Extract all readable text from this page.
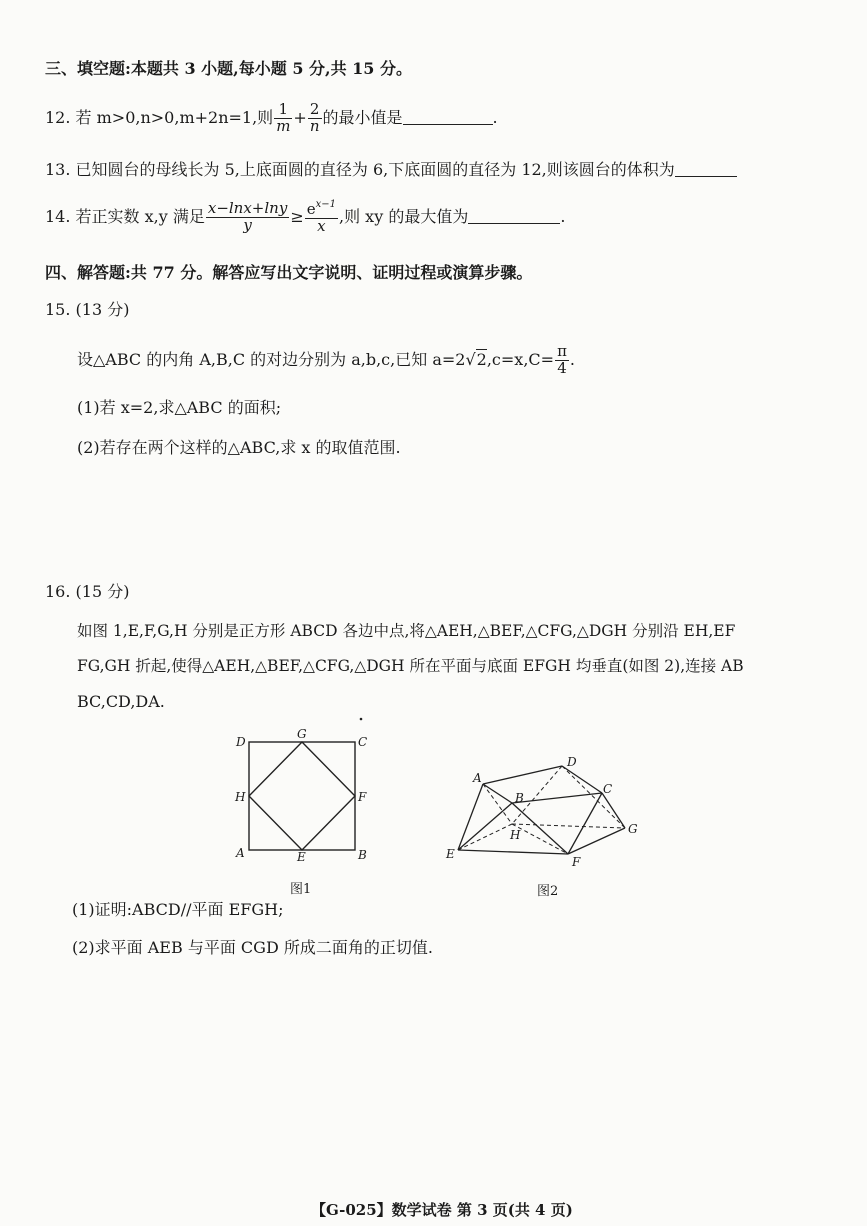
三、填空题:本题共 3 小题,每小题 5 分,共 15 分。
12. 若 m>0,n>0,m+2n=1,则 $\frac{1}{m} + \frac{2}{n}$ 的最小值是	.
13. 已知圆台的母线长为 5,上底面圆的直径为 6,下底面圆的直径为 12,则该圆台的体积为
14. 若正实数 x,y 满足 $\frac{x-\ln x+\ln y}{y} \ge \frac{e^{x-1}}{x}$ ,则 xy 的最大值为	.
四、解答题:共 77 分。解答应写出文字说明、证明过程或演算步骤。
15. (13 分)
设△ABC 的内角 A,B,C 的对边分别为 a,b,c,已知 $a=2√2,c=x,C= \frac{\pi}{4}$ .
(1)若 x=2,求△ABC 的面积;
(2)若存在两个这样的△ABC,求 x 的取值范围.
16. (15 分)
如图 1,E,F,G,H 分别是正方形 ABCD 各边中点,将△AEH,△BEF,△CFG,△DGH 分别沿 EH,EF
FG,GH 折起,使得△AEH,△BEF,△CFG,△DGH 所在平面与底面 EFGH 均垂直(如图 2),连接 AB
BC,CD,DA.
D
G
C
H	F
A	E	B
图1
A
D
B
C
H	G
E
F
图2
(1)证明:ABCD//平面 EFGH;
(2)求平面 AEB 与平面 CGD 所成二面角的正切值.
【G-025】数学试卷 第 3 页(共 4 页)
